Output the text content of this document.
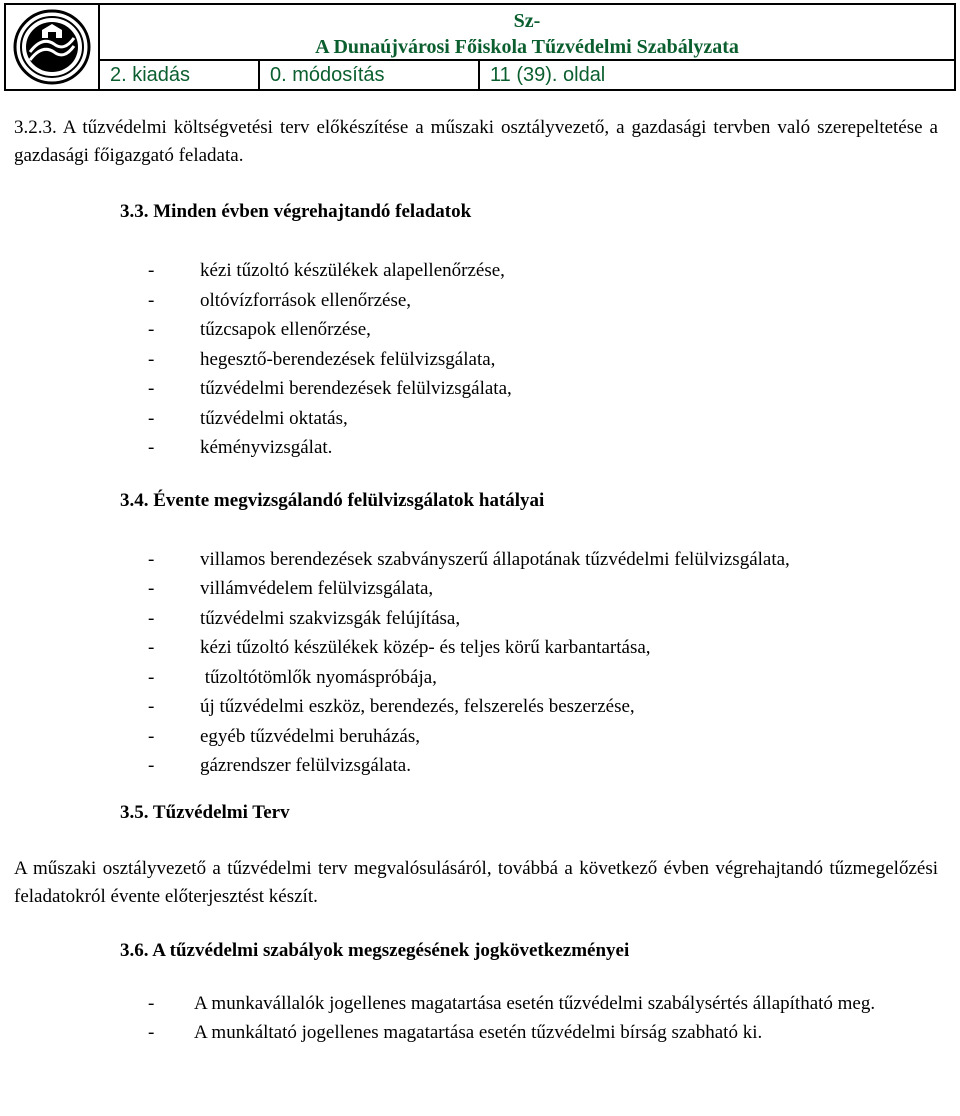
Sz-
A Dunaújvárosi Főiskola Tűzvédelmi Szabályzata
2. kiadás	0. módosítás	11 (39). oldal

3.2.3. A tűzvédelmi költségvetési terv előkészítése a műszaki osztályvezető, a gazdasági tervben való szerepeltetése a gazdasági főigazgató feladata.

3.3. Minden évben végrehajtandó feladatok

- kézi tűzoltó készülékek alapellenőrzése,
- oltóvízforrások ellenőrzése,
- tűzcsapok ellenőrzése,
- hegesztő-berendezések felülvizsgálata,
- tűzvédelmi berendezések felülvizsgálata,
- tűzvédelmi oktatás,
- kéményvizsgálat.

3.4. Évente megvizsgálandó felülvizsgálatok hatályai

- villamos berendezések szabványszerű állapotának tűzvédelmi felülvizsgálata,
- villámvédelem felülvizsgálata,
- tűzvédelmi szakvizsgák felújítása,
- kézi tűzoltó készülékek közép- és teljes körű karbantartása,
- tűzoltótömlők nyomáspróbája,
- új tűzvédelmi eszköz, berendezés, felszerelés beszerzése,
- egyéb tűzvédelmi beruházás,
- gázrendszer felülvizsgálata.

3.5. Tűzvédelmi Terv

A műszaki osztályvezető a tűzvédelmi terv megvalósulásáról, továbbá a következő évben végrehajtandó tűzmegelőzési feladatokról évente előterjesztést készít.

3.6. A tűzvédelmi szabályok megszegésének jogkövetkezményei

- A munkavállalók jogellenes magatartása esetén tűzvédelmi szabálysértés állapítható meg.
- A munkáltató jogellenes magatartása esetén tűzvédelmi bírság szabható ki.
